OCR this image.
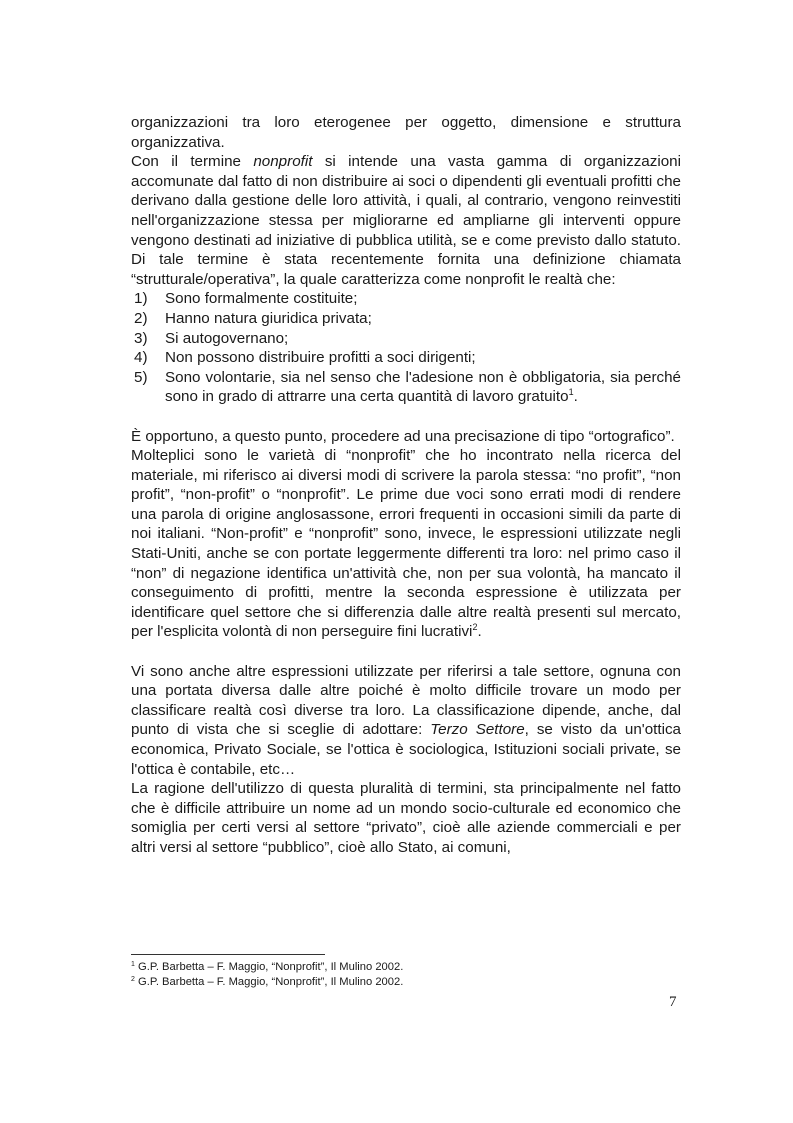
organizzazioni tra loro eterogenee per oggetto, dimensione e struttura organizzativa.

Con il termine nonprofit si intende una vasta gamma di organizzazioni accomunate dal fatto di non distribuire ai soci o dipendenti gli eventuali profitti che derivano dalla gestione delle loro attività, i quali, al contrario, vengono reinvestiti nell'organizzazione stessa per migliorarne ed ampliarne gli interventi oppure vengono destinati ad iniziative di pubblica utilità, se e come previsto dallo statuto. Di tale termine è stata recentemente fornita una definizione chiamata “strutturale/operativa”, la quale caratterizza come nonprofit le realtà che:

1)	Sono formalmente costituite;
2)	Hanno natura giuridica privata;
3)	Si autogovernano;
4)	Non possono distribuire profitti a soci dirigenti;
5)	Sono volontarie, sia nel senso che l'adesione non è obbligatoria, sia perché sono in grado di attrarre una certa quantità di lavoro gratuito$^1$.

È opportuno, a questo punto, procedere ad una precisazione di tipo “ortografico”.

Molteplici sono le varietà di “nonprofit” che ho incontrato nella ricerca del materiale, mi riferisco ai diversi modi di scrivere la parola stessa: “no profit”, “non profit”, “non-profit” o “nonprofit”. Le prime due voci sono errati modi di rendere una parola di origine anglosassone, errori frequenti in occasioni simili da parte di noi italiani. “Non-profit” e “nonprofit” sono, invece, le espressioni utilizzate negli Stati-Uniti, anche se con portate leggermente differenti tra loro: nel primo caso il “non” di negazione identifica un'attività che, non per sua volontà, ha mancato il conseguimento di profitti, mentre la seconda espressione è utilizzata per identificare quel settore che si differenzia dalle altre realtà presenti sul mercato, per l'esplicita volontà di non perseguire fini lucrativi$^2$.

Vi sono anche altre espressioni utilizzate per riferirsi a tale settore, ognuna con una portata diversa dalle altre poiché è molto difficile trovare un modo per classificare realtà così diverse tra loro. La classificazione dipende, anche, dal punto di vista che si sceglie di adottare: Terzo Settore, se visto da un'ottica economica, Privato Sociale, se l'ottica è sociologica, Istituzioni sociali private, se l'ottica è contabile, etc…

La ragione dell'utilizzo di questa pluralità di termini, sta principalmente nel fatto che è difficile attribuire un nome ad un mondo socio-culturale ed economico che somiglia per certi versi al settore “privato”, cioè alle aziende commerciali e per altri versi al settore “pubblico”, cioè allo Stato, ai comuni,

$^1$ G.P. Barbetta – F. Maggio, “Nonprofit”, Il Mulino 2002.
$^2$ G.P. Barbetta – F. Maggio, “Nonprofit”, Il Mulino 2002.
7
